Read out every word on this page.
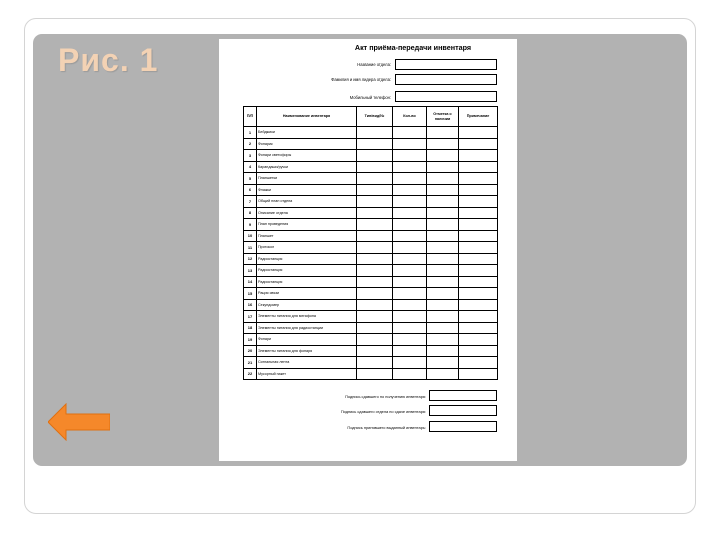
Рис. 1	Акт приёма-передачи инвентаря
Название отдела:
Фамилия и имя лидера отдела:
Мобильный телефон:
П/П	Наименование инвентаря	Тип/вид/№	Кол-во	Отметка о наличии	Примечание
1	Бейджики				
2	Фонарик				
3	Фонари светофоры				
4	Карандаши/ручки				
5	Планшетки				
6	Флажки				
7	Общий план отдела				
8	Описание отдела				
9	План проведения				
10	Планшет				
11	Протокол				
12	Радиостанция				
13	Радиостанция				
14	Радиостанция				
15	Рация связи				
16	Секундомер				
17	Элементы питания для мегафона				
18	Элементы питания для радиостанции				
19	Фонари				
20	Элементы питания для фонаря				
21	Сигнальная лента				
22	Мусорный пакет				
Подпись сдавшего по получению инвентаря:
Подпись сдавшего отдела по сдаче инвентаря:
Подпись принявшего выданный инвентарь:
